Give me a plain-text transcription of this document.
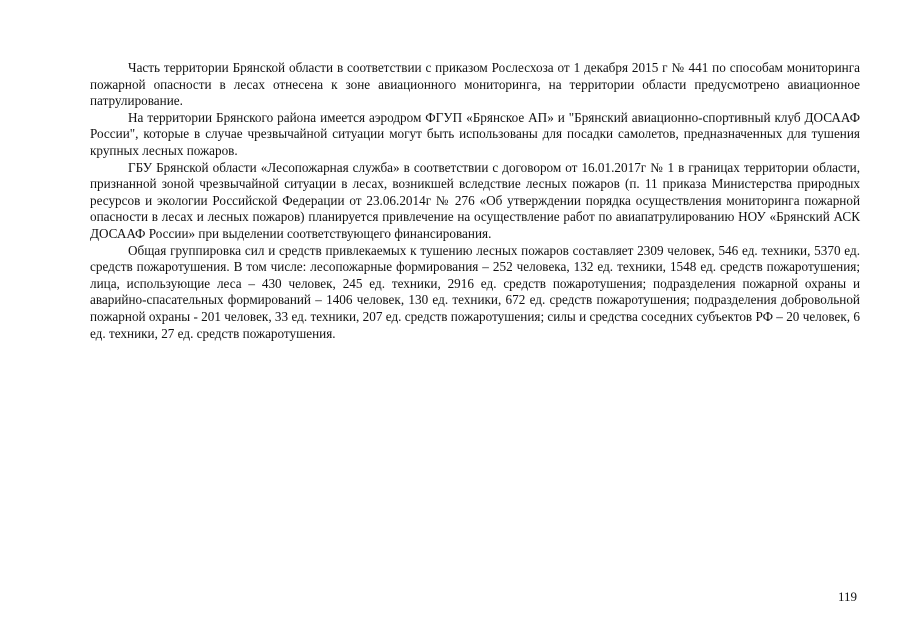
Часть территории Брянской области в соответствии с приказом Рослесхоза от 1 декабря 2015 г № 441 по способам мониторинга пожарной опасности в лесах отнесена к зоне авиационного мониторинга, на территории области предусмотрено авиационное патрулирование.

На территории Брянского района имеется аэродром ФГУП «Брянское АП» и "Брянский авиационно-спортивный клуб ДОСААФ России", которые в случае чрезвычайной ситуации могут быть использованы для посадки самолетов, предназначенных для тушения крупных лесных пожаров.

ГБУ Брянской области «Лесопожарная служба» в соответствии с договором от 16.01.2017г № 1 в границах территории области, признанной зоной чрезвычайной ситуации в лесах, возникшей вследствие лесных пожаров (п. 11 приказа Министерства природных ресурсов и экологии Российской Федерации от 23.06.2014г № 276 «Об утверждении порядка осуществления мониторинга пожарной опасности в лесах и лесных пожаров) планируется привлечение на осуществление работ по авиапатрулированию НОУ «Брянский АСК ДОСААФ России» при выделении соответствующего финансирования.

Общая группировка сил и средств привлекаемых к тушению лесных пожаров составляет 2309 человек, 546 ед. техники, 5370 ед. средств пожаротушения. В том числе: лесопожарные формирования – 252 человека, 132 ед. техники, 1548 ед. средств пожаротушения; лица, использующие леса – 430 человек, 245 ед. техники, 2916 ед. средств пожаротушения; подразделения пожарной охраны и аварийно-спасательных формирований – 1406 человек, 130 ед. техники, 672 ед. средств пожаротушения; подразделения добровольной пожарной охраны - 201 человек, 33 ед. техники, 207 ед. средств пожаротушения; силы и средства соседних субъектов РФ – 20 человек, 6 ед. техники, 27 ед. средств пожаротушения.

119
